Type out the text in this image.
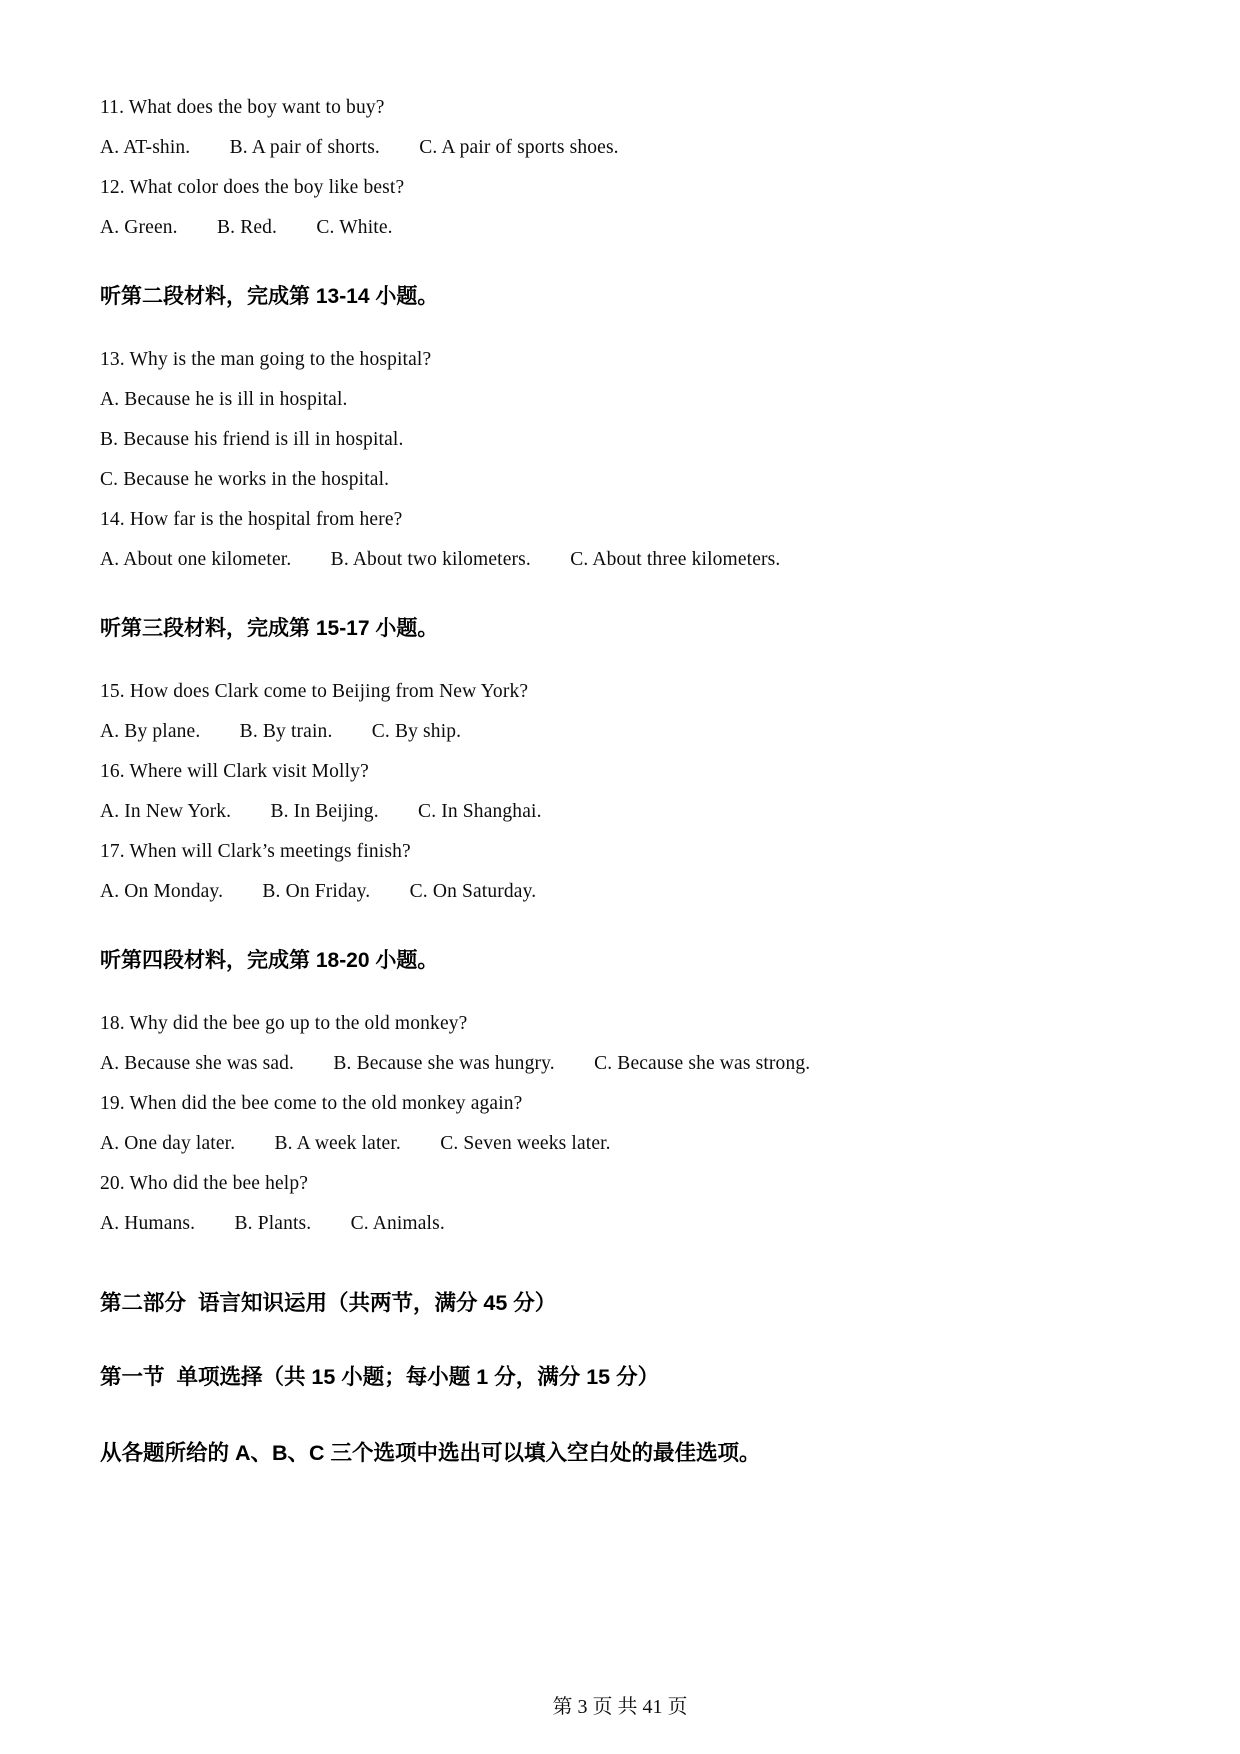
11. What does the boy want to buy?

A. AT-shin.　　B. A pair of shorts.　　C. A pair of sports shoes.

12. What color does the boy like best?

A. Green.　　B. Red.　　C. White.

听第二段材料，完成第 13-14 小题。

13. Why is the man going to the hospital?

A. Because he is ill in hospital.

B. Because his friend is ill in hospital.

C. Because he works in the hospital.

14. How far is the hospital from here?

A. About one kilometer.　　B. About two kilometers.　　C. About three kilometers.

听第三段材料，完成第 15-17 小题。

15. How does Clark come to Beijing from New York?

A. By plane.　　B. By train.　　C. By ship.

16. Where will Clark visit Molly?

A. In New York.　　B. In Beijing.　　C. In Shanghai.

17. When will Clark’s meetings finish?

A. On Monday.　　B. On Friday.　　C. On Saturday.

听第四段材料，完成第 18-20 小题。

18. Why did the bee go up to the old monkey?

A. Because she was sad.　　B. Because she was hungry.　　C. Because she was strong.

19. When did the bee come to the old monkey again?

A. One day later.　　B. A week later.　　C. Seven weeks later.

20. Who did the bee help?

A. Humans.　　B. Plants.　　C. Animals.

第二部分  语言知识运用（共两节，满分 45 分）

第一节  单项选择（共 15 小题；每小题 1 分，满分 15 分）

从各题所给的 A、B、C 三个选项中选出可以填入空白处的最佳选项。

第 3 页 共 41 页
